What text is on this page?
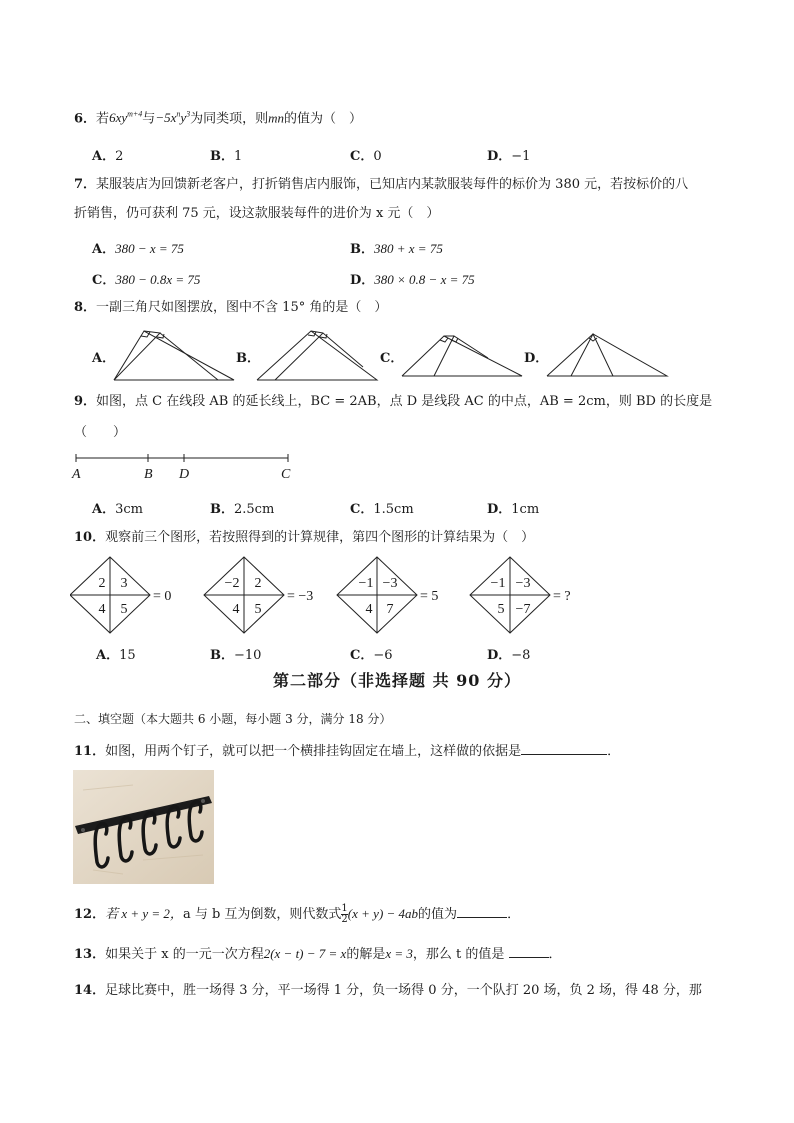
6．若$6xy^{m+4}$与$-5x^ny^3$为同类项，则mn的值为（　）
A．2	B．1	C．0	D．−1
7．某服装店为回馈新老客户，打折销售店内服饰，已知店内某款服装每件的标价为 380 元，若按标价的八
折销售，仍可获利 75 元，设这款服装每件的进价为 x 元（　）
A．380 − x = 75	B．380 + x = 75
C．380 − 0.8x = 75	D．380 × 0.8 − x = 75
8．一副三角尺如图摆放，图中不含 15° 角的是（　）
A．	B．	C．	D．
9．如图，点 C 在线段 AB 的延长线上，BC = 2AB，点 D 是线段 AC 的中点，AB = 2cm，则 BD 的长度是
（　　）
A	B D	C
A．3cm	B．2.5cm	C．1.5cm	D．1cm
10．观察前三个图形，若按照得到的计算规律，第四个图形的计算结果为（　）
2 3
4 5
−2 2
4 5
−1 −3
4 7
−1 −3
5 −7
= 0	= −3	= 5	= ?
A．15	B．−10	C．−6	D．−8
第二部分（非选择题 共 90 分）
二、填空题（本大题共 6 小题，每小题 3 分，满分 18 分）
11．如图，用两个钉子，就可以把一个横排挂钩固定在墙上，这样做的依据是	．
12．若 x + y = 2，a 与 b 互为倒数，则代数式 $\frac{1}{2} (x + y) - 4ab$的值为	．
13．如果关于 x 的一元一次方程2(x − t) − 7 = x的解是x = 3，那么 t 的值是	．
14．足球比赛中，胜一场得 3 分，平一场得 1 分，负一场得 0 分，一个队打 20 场，负 2 场，得 48 分，那
